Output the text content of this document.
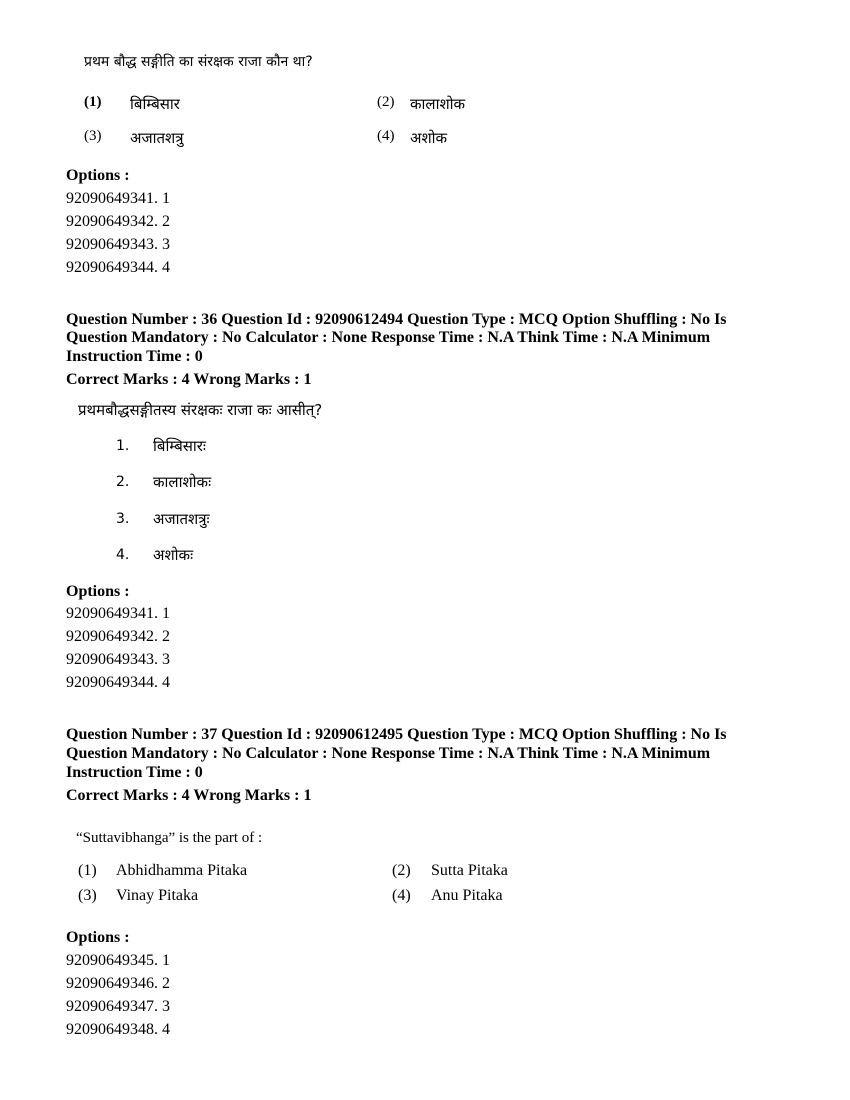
प्रथम बौद्ध सङ्गीति का संरक्षक राजा कौन था?
(1) बिम्बिसार	(2) कालाशोक
(3) अजातशत्रु	(4) अशोक
Options :
92090649341. 1
92090649342. 2
92090649343. 3
92090649344. 4
Question Number : 36 Question Id : 92090612494 Question Type : MCQ Option Shuffling : No Is
Question Mandatory : No Calculator : None Response Time : N.A Think Time : N.A Minimum
Instruction Time : 0
Correct Marks : 4 Wrong Marks : 1
प्रथमबौद्धसङ्गीतस्य संरक्षकः राजा कः आसीत्?
1. बिम्बिसारः
2. कालाशोकः
3. अजातशत्रुः
4. अशोकः
Options :
92090649341. 1
92090649342. 2
92090649343. 3
92090649344. 4
Question Number : 37 Question Id : 92090612495 Question Type : MCQ Option Shuffling : No Is
Question Mandatory : No Calculator : None Response Time : N.A Think Time : N.A Minimum
Instruction Time : 0
Correct Marks : 4 Wrong Marks : 1
“Suttavibhanga” is the part of :
(1) Abhidhamma Pitaka	(2) Sutta Pitaka
(3) Vinay Pitaka	(4) Anu Pitaka
Options :
92090649345. 1
92090649346. 2
92090649347. 3
92090649348. 4
